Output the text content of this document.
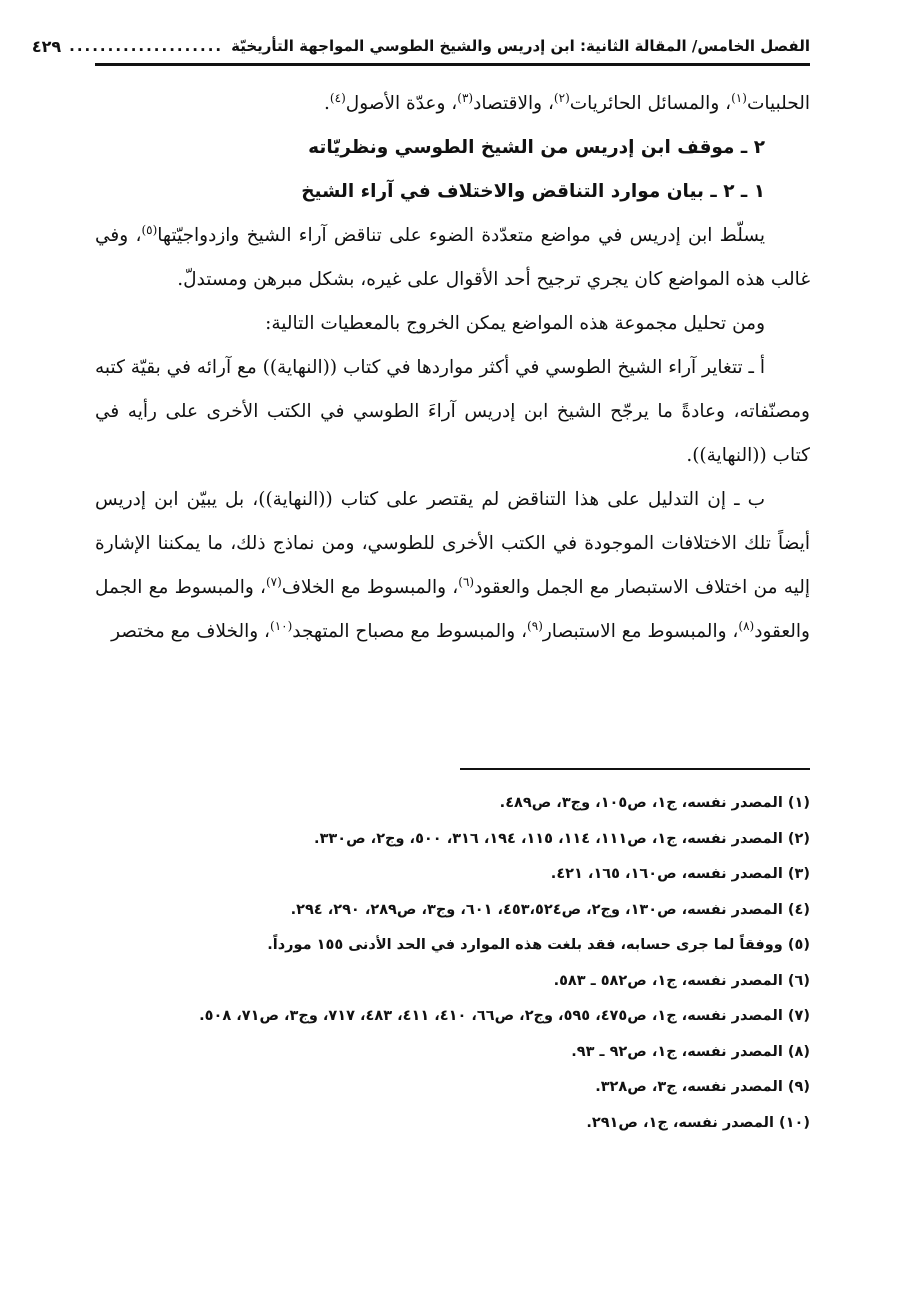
الفصل الخامس/ المقالة الثانية: ابن إدريس والشيخ الطوسي المواجهة التأريخيّة
....................
٤٢٩

الحلبيات$^{(١)}$، والمسائل الحائريات$^{(٢)}$، والاقتصاد$^{(٣)}$، وعدّة الأصول$^{(٤)}$.

٢ ـ موقف ابن إدريس من الشيخ الطوسي ونظريّاته

١ ـ ٢ ـ بيان موارد التناقض والاختلاف في آراء الشيخ

يسلّط ابن إدريس في مواضع متعدّدة الضوء على تناقض آراء الشيخ وازدواجيّتها$^{(٥)}$، وفي غالب هذه المواضع كان يجري ترجيح أحد الأقوال على غيره، بشكل مبرهن ومستدلّ.

ومن تحليل مجموعة هذه المواضع يمكن الخروج بالمعطيات التالية:

أ ـ تتغاير آراء الشيخ الطوسي في أكثر مواردها في كتاب ((النهاية)) مع آرائه في بقيّة كتبه ومصنّفاته، وعادةً ما يرجّح الشيخ ابن إدريس آراءَ الطوسي في الكتب الأخرى على رأيه في كتاب ((النهاية)).

ب ـ إن التدليل على هذا التناقض لم يقتصر على كتاب ((النهاية))، بل يبيّن ابن إدريس أيضاً تلك الاختلافات الموجودة في الكتب الأخرى للطوسي، ومن نماذج ذلك، ما يمكننا الإشارة إليه من اختلاف الاستبصار مع الجمل والعقود$^{(٦)}$، والمبسوط مع الخلاف$^{(٧)}$، والمبسوط مع الجمل والعقود$^{(٨)}$، والمبسوط مع الاستبصار$^{(٩)}$، والمبسوط مع مصباح المتهجد$^{(١٠)}$، والخلاف مع مختصر

(١) المصدر نفسه، ج١، ص١٠٥، وج٣، ص٤٨٩.
(٢) المصدر نفسه، ج١، ص١١١، ١١٤، ١١٥، ١٩٤، ٣١٦، ٥٠٠، وج٢، ص٣٣٠.
(٣) المصدر نفسه، ص١٦٠، ١٦٥، ٤٢١.
(٤) المصدر نفسه، ص١٣٠، وج٢، ص٤٥٣،٥٢٤، ٦٠١، وج٣، ص٢٨٩، ٢٩٠، ٢٩٤.
(٥) ووفقاً لما جرى حسابه، فقد بلغت هذه الموارد في الحد الأدنى ١٥٥ مورداً.
(٦) المصدر نفسه، ج١، ص٥٨٢ ـ ٥٨٣.
(٧) المصدر نفسه، ج١، ص٤٧٥، ٥٩٥، وج٢، ص٦٦، ٤١٠، ٤١١، ٤٨٣، ٧١٧، وج٣، ص٧١، ٥٠٨.
(٨) المصدر نفسه، ج١، ص٩٢ ـ ٩٣.
(٩) المصدر نفسه، ج٣، ص٣٢٨.
(١٠) المصدر نفسه، ج١، ص٢٩١.
